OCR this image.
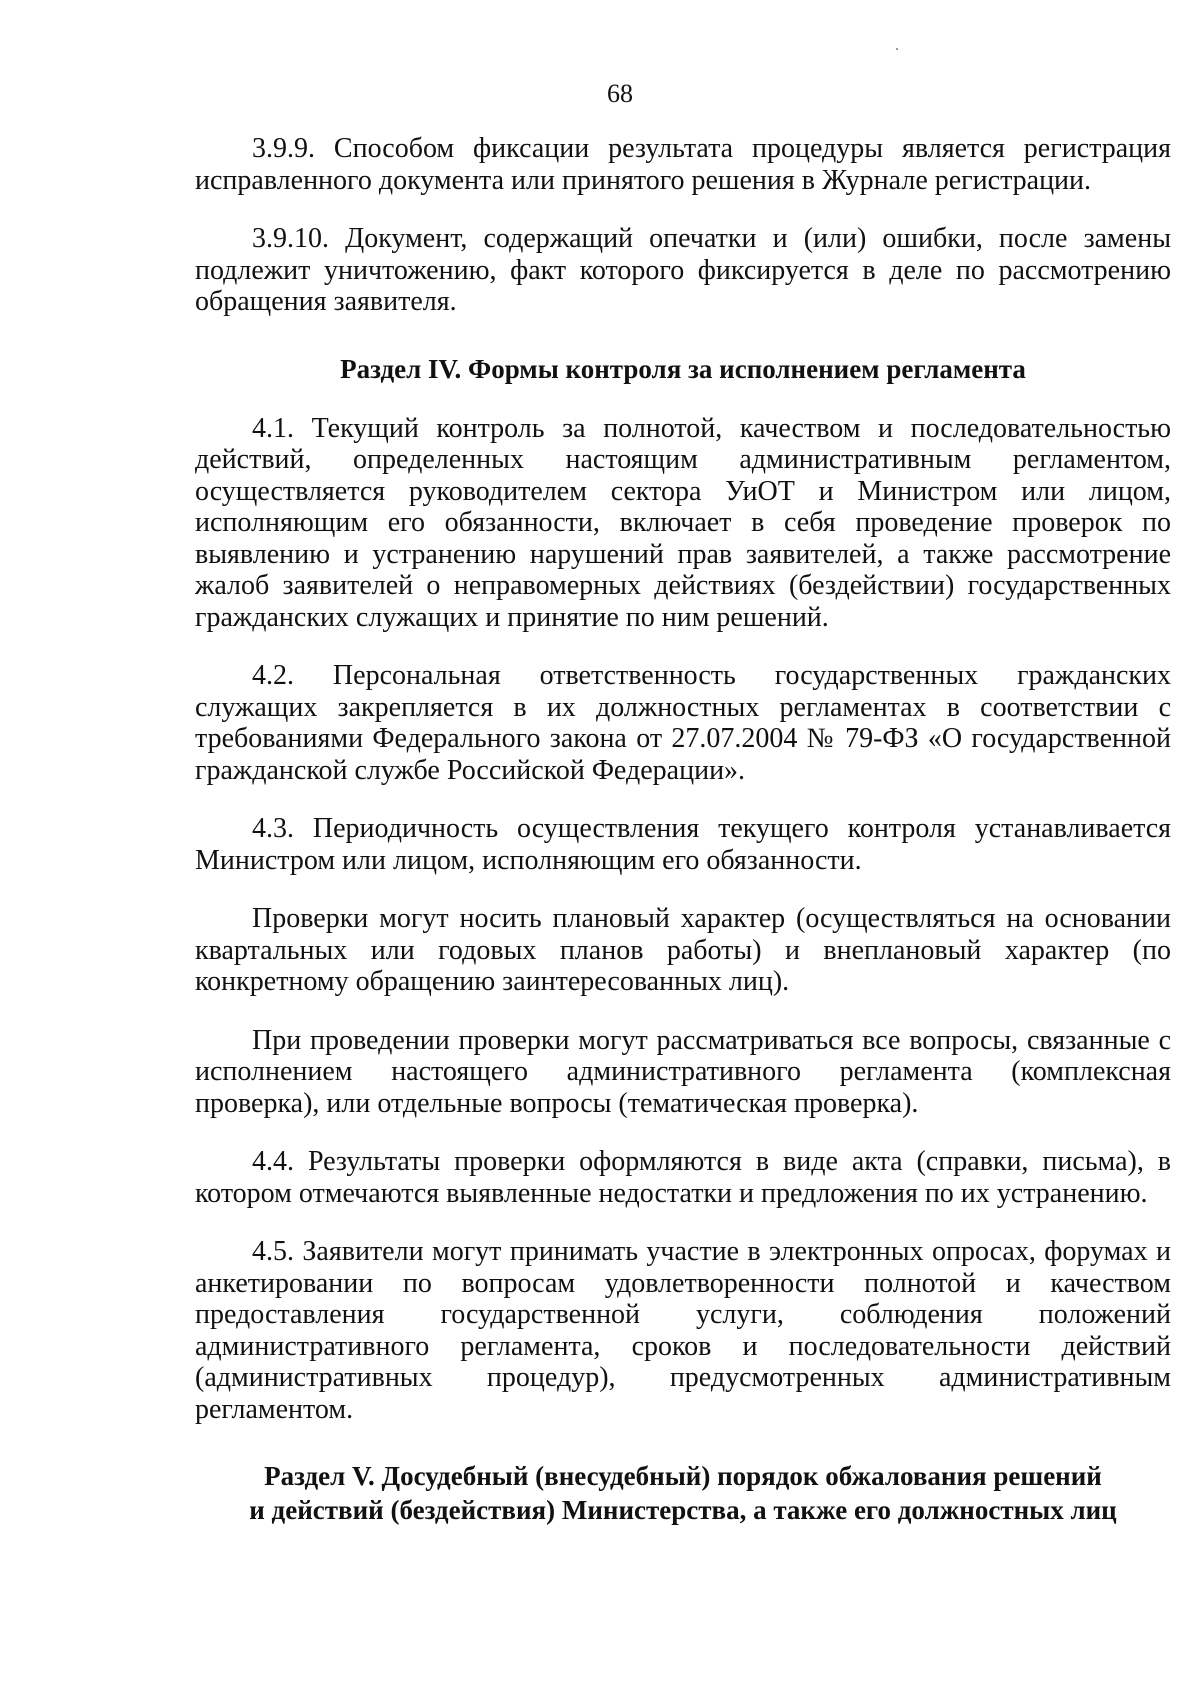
68

3.9.9. Способом фиксации результата процедуры является регистрация исправленного документа или принятого решения в Журнале регистрации.

3.9.10. Документ, содержащий опечатки и (или) ошибки, после замены подлежит уничтожению, факт которого фиксируется в деле по рассмотрению обращения заявителя.

Раздел IV. Формы контроля за исполнением регламента

4.1. Текущий контроль за полнотой, качеством и последовательностью действий, определенных настоящим административным регламентом, осуществляется руководителем сектора УиОТ и Министром или лицом, исполняющим его обязанности, включает в себя проведение проверок по выявлению и устранению нарушений прав заявителей, а также рассмотрение жалоб заявителей о неправомерных действиях (бездействии) государственных гражданских служащих и принятие по ним решений.

4.2. Персональная ответственность государственных гражданских служащих закрепляется в их должностных регламентах в соответствии с требованиями Федерального закона от 27.07.2004 № 79-ФЗ «О государственной гражданской службе Российской Федерации».

4.3. Периодичность осуществления текущего контроля устанавливается Министром или лицом, исполняющим его обязанности.

Проверки могут носить плановый характер (осуществляться на основании квартальных или годовых планов работы) и внеплановый характер (по конкретному обращению заинтересованных лиц).

При проведении проверки могут рассматриваться все вопросы, связанные с исполнением настоящего административного регламента (комплексная проверка), или отдельные вопросы (тематическая проверка).

4.4. Результаты проверки оформляются в виде акта (справки, письма), в котором отмечаются выявленные недостатки и предложения по их устранению.

4.5. Заявители могут принимать участие в электронных опросах, форумах и анкетировании по вопросам удовлетворенности полнотой и качеством предоставления государственной услуги, соблюдения положений административного регламента, сроков и последовательности действий (административных процедур), предусмотренных административным регламентом.

Раздел V. Досудебный (внесудебный) порядок обжалования решений
и действий (бездействия) Министерства, а также его должностных лиц
